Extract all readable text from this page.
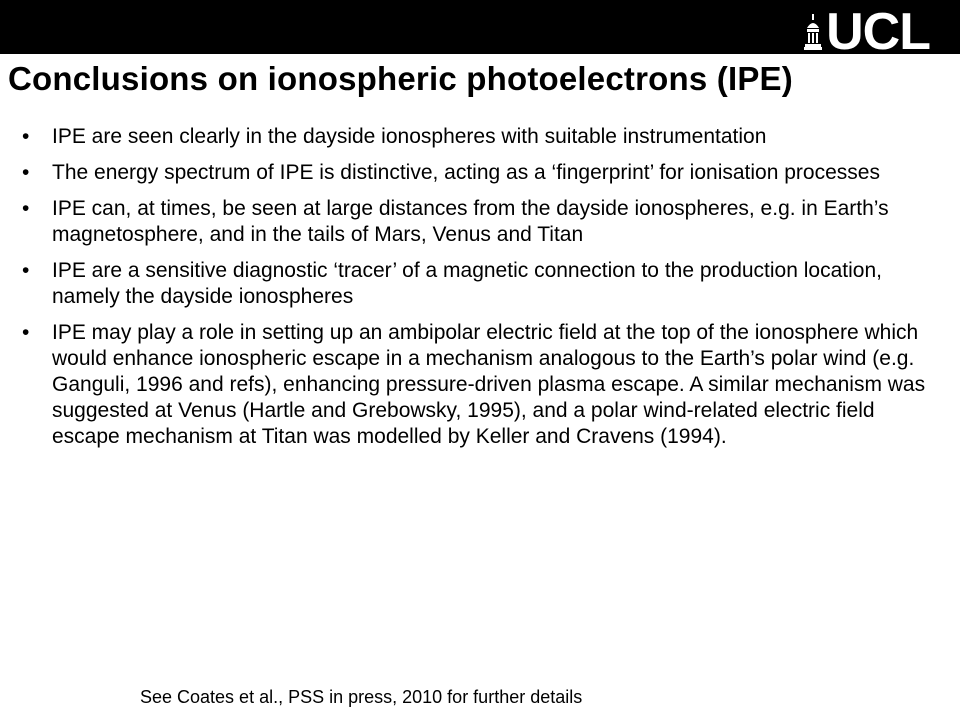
UCL
Conclusions on ionospheric photoelectrons (IPE)
• IPE are seen clearly in the dayside ionospheres with suitable instrumentation
• The energy spectrum of IPE is distinctive, acting as a ‘fingerprint’ for ionisation processes
• IPE can, at times, be seen at large distances from the dayside ionospheres, e.g. in Earth’s magnetosphere, and in the tails of Mars, Venus and Titan
• IPE are a sensitive diagnostic ‘tracer’ of a magnetic connection to the production location, namely the dayside ionospheres
• IPE may play a role in setting up an ambipolar electric field at the top of the ionosphere which would enhance ionospheric escape in a mechanism analogous to the Earth’s polar wind (e.g. Ganguli, 1996 and refs), enhancing pressure-driven plasma escape. A similar mechanism was suggested at Venus (Hartle and Grebowsky, 1995), and a polar wind-related electric field escape mechanism at Titan was modelled by Keller and Cravens (1994).
See Coates et al., PSS in press, 2010 for further details
